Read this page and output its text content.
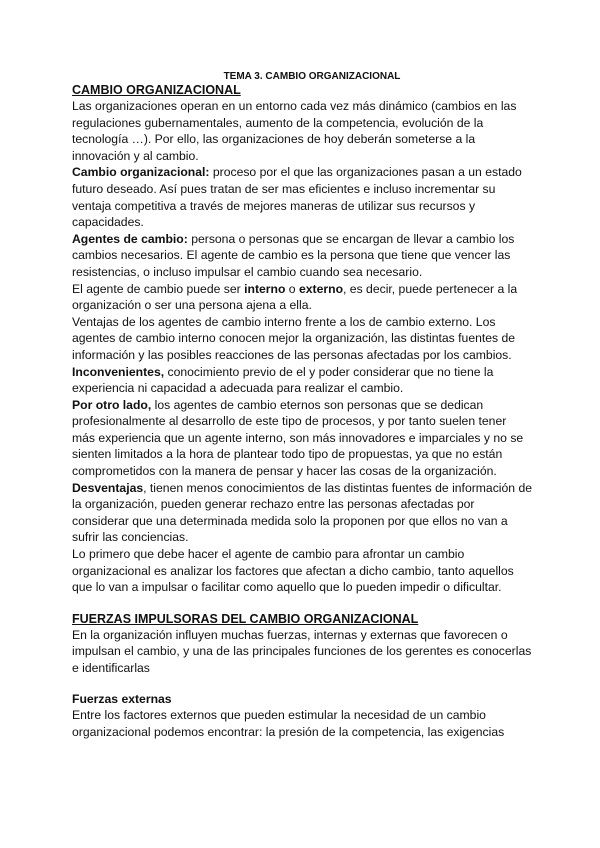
TEMA 3. CAMBIO ORGANIZACIONAL

CAMBIO ORGANIZACIONAL

Las organizaciones operan en un entorno cada vez más dinámico (cambios en las regulaciones gubernamentales, aumento de la competencia, evolución de la tecnología …). Por ello, las organizaciones de hoy deberán someterse a la innovación y al cambio.

Cambio organizacional: proceso por el que las organizaciones pasan a un estado futuro deseado. Así pues tratan de ser mas eficientes e incluso incrementar su ventaja competitiva a través de mejores maneras de utilizar sus recursos y capacidades.

Agentes de cambio: persona o personas que se encargan de llevar a cambio los cambios necesarios. El agente de cambio es la persona que tiene que vencer las resistencias, o incluso impulsar el cambio cuando sea necesario.

El agente de cambio puede ser interno o externo, es decir, puede pertenecer a la organización o ser una persona ajena a ella.

Ventajas de los agentes de cambio interno frente a los de cambio externo. Los agentes de cambio interno conocen mejor la organización, las distintas fuentes de información y las posibles reacciones de las personas afectadas por los cambios.

Inconvenientes, conocimiento previo de el y poder considerar que no tiene la experiencia ni capacidad a adecuada para realizar el cambio.

Por otro lado, los agentes de cambio eternos son personas que se dedican profesionalmente al desarrollo de este tipo de procesos, y por tanto suelen tener más experiencia que un agente interno, son más innovadores e imparciales y no se sienten limitados a la hora de plantear todo tipo de propuestas, ya que no están comprometidos con la manera de pensar y hacer las cosas de la organización.

Desventajas, tienen menos conocimientos de las distintas fuentes de información de la organización, pueden generar rechazo entre las personas afectadas por considerar que una determinada medida solo la proponen por que ellos no van a sufrir las conciencias.

Lo primero que debe hacer el agente de cambio para afrontar un cambio organizacional es analizar los factores que afectan a dicho cambio, tanto aquellos que lo van a impulsar o facilitar como aquello que lo pueden impedir o dificultar.

FUERZAS IMPULSORAS DEL CAMBIO ORGANIZACIONAL

En la organización influyen muchas fuerzas, internas y externas que favorecen o impulsan el cambio, y una de las principales funciones de los gerentes es conocerlas e identificarlas

Fuerzas externas

Entre los factores externos que pueden estimular la necesidad de un cambio organizacional podemos encontrar: la presión de la competencia, las exigencias
